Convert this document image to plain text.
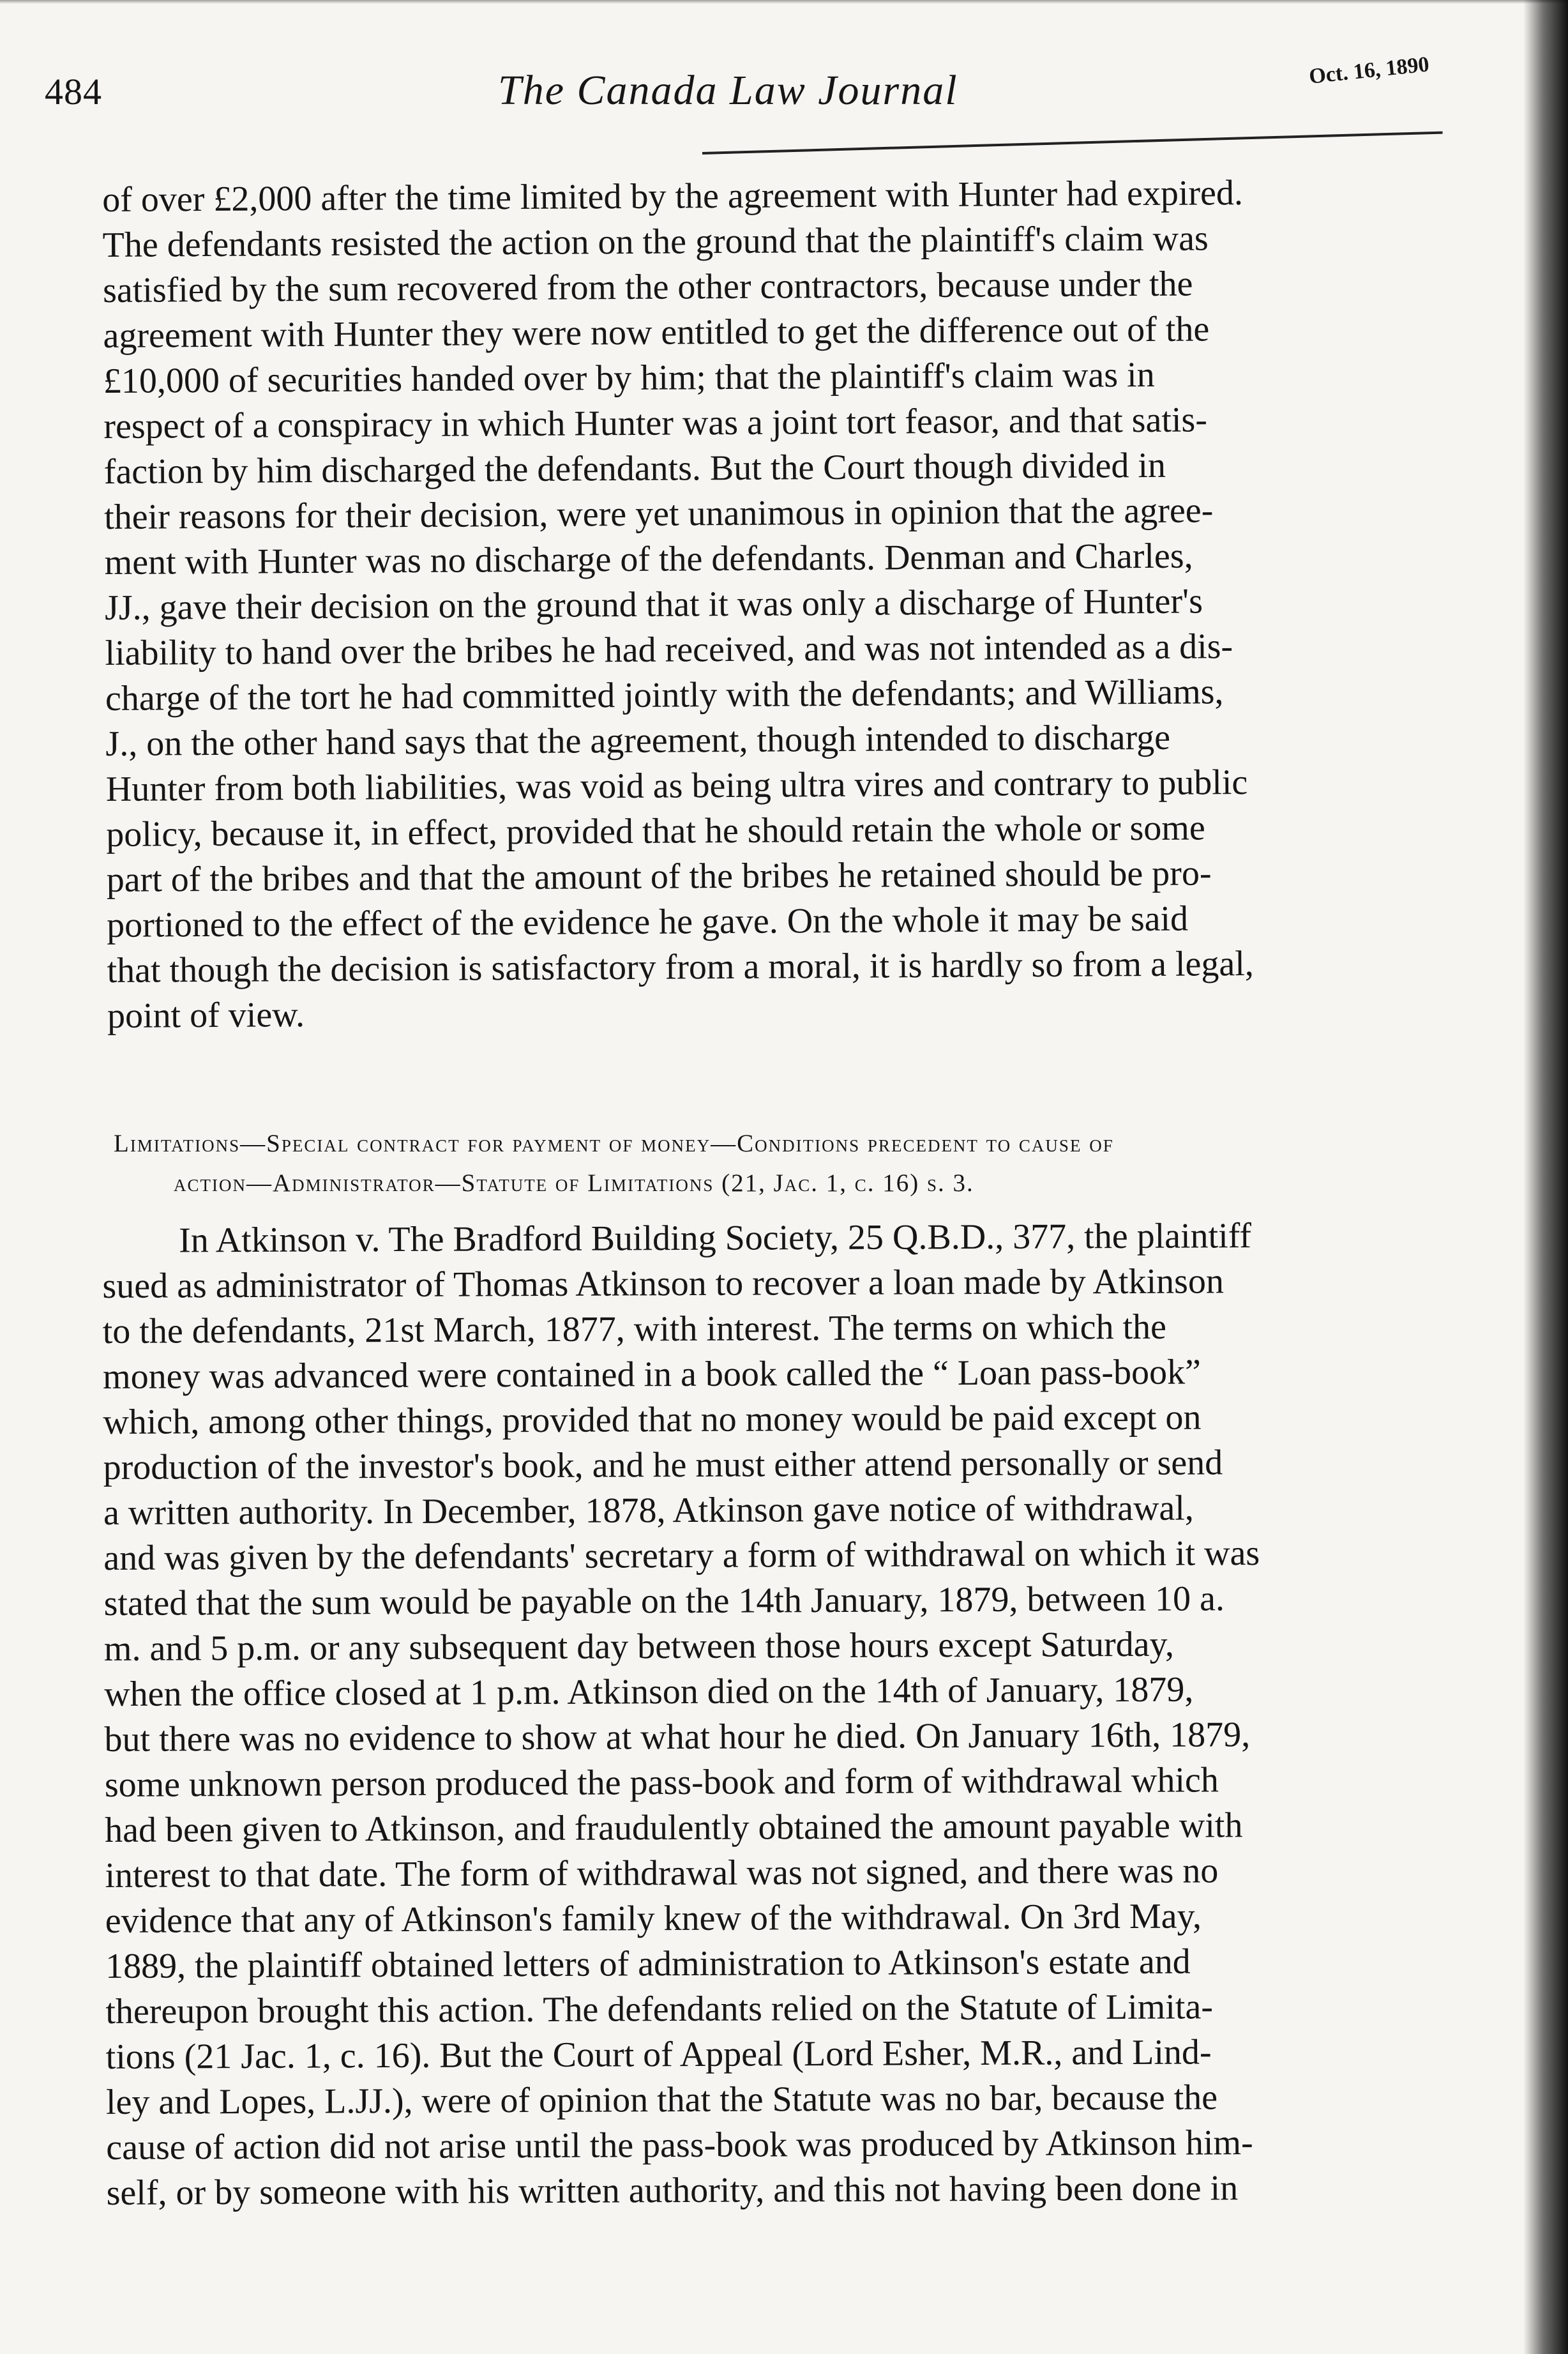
484	The Canada Law Journal	Oct. 16, 1890
of over £2,000 after the time limited by the agreement with Hunter had expired.
The defendants resisted the action on the ground that the plaintiff's claim was
satisfied by the sum recovered from the other contractors, because under the
agreement with Hunter they were now entitled to get the difference out of the
£10,000 of securities handed over by him; that the plaintiff's claim was in
respect of a conspiracy in which Hunter was a joint tort feasor, and that satis-
faction by him discharged the defendants. But the Court though divided in
their reasons for their decision, were yet unanimous in opinion that the agree-
ment with Hunter was no discharge of the defendants. Denman and Charles,
JJ., gave their decision on the ground that it was only a discharge of Hunter's
liability to hand over the bribes he had received, and was not intended as a dis-
charge of the tort he had committed jointly with the defendants; and Williams,
J., on the other hand says that the agreement, though intended to discharge
Hunter from both liabilities, was void as being ultra vires and contrary to public
policy, because it, in effect, provided that he should retain the whole or some
part of the bribes and that the amount of the bribes he retained should be pro-
portioned to the effect of the evidence he gave. On the whole it may be said
that though the decision is satisfactory from a moral, it is hardly so from a legal,
point of view.
Limitations—Special contract for payment of money—Conditions precedent to cause of
action—Administrator—Statute of Limitations (21, Jac. 1, c. 16) s. 3.
In Atkinson v. The Bradford Building Society, 25 Q.B.D., 377, the plaintiff
sued as administrator of Thomas Atkinson to recover a loan made by Atkinson
to the defendants, 21st March, 1877, with interest. The terms on which the
money was advanced were contained in a book called the “ Loan pass-book”
which, among other things, provided that no money would be paid except on
production of the investor's book, and he must either attend personally or send
a written authority. In December, 1878, Atkinson gave notice of withdrawal,
and was given by the defendants' secretary a form of withdrawal on which it was
stated that the sum would be payable on the 14th January, 1879, between 10 a.
m. and 5 p.m. or any subsequent day between those hours except Saturday,
when the office closed at 1 p.m. Atkinson died on the 14th of January, 1879,
but there was no evidence to show at what hour he died. On January 16th, 1879,
some unknown person produced the pass-book and form of withdrawal which
had been given to Atkinson, and fraudulently obtained the amount payable with
interest to that date. The form of withdrawal was not signed, and there was no
evidence that any of Atkinson's family knew of the withdrawal. On 3rd May,
1889, the plaintiff obtained letters of administration to Atkinson's estate and
thereupon brought this action. The defendants relied on the Statute of Limita-
tions (21 Jac. 1, c. 16). But the Court of Appeal (Lord Esher, M.R., and Lind-
ley and Lopes, L.JJ.), were of opinion that the Statute was no bar, because the
cause of action did not arise until the pass-book was produced by Atkinson him-
self, or by someone with his written authority, and this not having been done in
